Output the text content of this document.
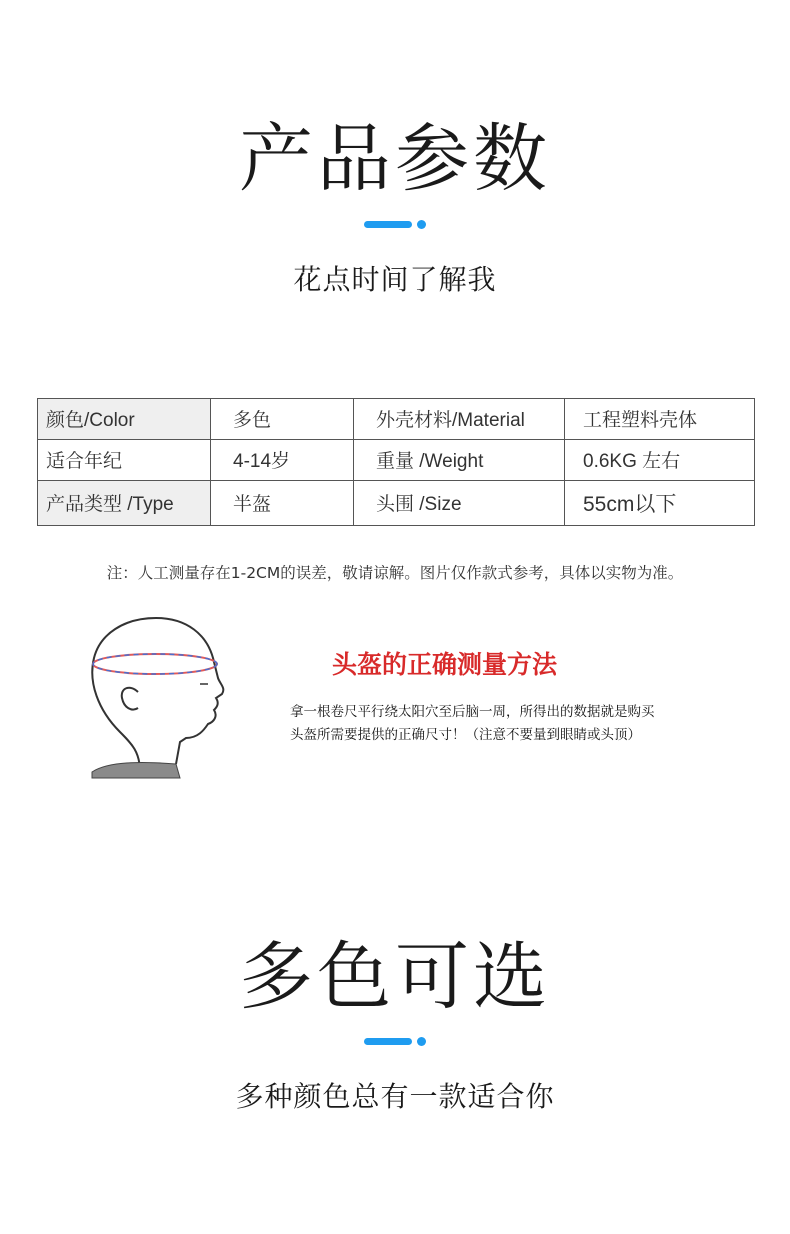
产品参数
花点时间了解我
颜色/Color	多色	外壳材料/Material	工程塑料壳体
适合年纪	4-14岁	重量 /Weight	0.6KG 左右
产品类型 /Type	半盔	头围 /Size	55cm以下
注：人工测量存在1-2CM的误差，敬请谅解。图片仅作款式参考，具体以实物为准。
头盔的正确测量方法
拿一根卷尺平行绕太阳穴至后脑一周，所得出的数据就是购买
头盔所需要提供的正确尺寸！（注意不要量到眼睛或头顶）
多色可选
多种颜色总有一款适合你
